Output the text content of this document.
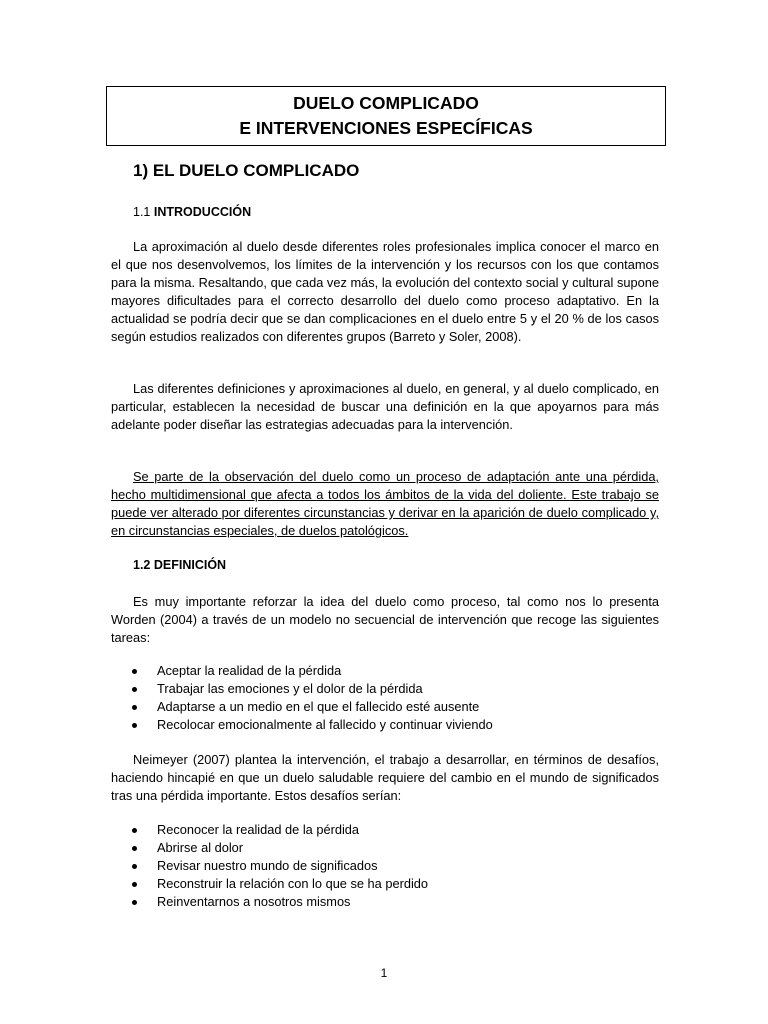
DUELO COMPLICADO
E INTERVENCIONES ESPECÍFICAS
1) EL DUELO COMPLICADO
1.1 INTRODUCCIÓN

La aproximación al duelo desde diferentes roles profesionales implica conocer el marco en el que nos desenvolvemos, los límites de la intervención y los recursos con los que contamos para la misma. Resaltando, que cada vez más, la evolución del contexto social y cultural supone mayores dificultades para el correcto desarrollo del duelo como proceso adaptativo. En la actualidad se podría decir que se dan complicaciones en el duelo entre 5 y el 20 % de los casos según estudios realizados con diferentes grupos (Barreto y Soler, 2008).

Las diferentes definiciones y aproximaciones al duelo, en general, y al duelo complicado, en particular, establecen la necesidad de buscar una definición en la que apoyarnos para más adelante poder diseñar las estrategias adecuadas para la intervención.

Se parte de la observación del duelo como un proceso de adaptación ante una pérdida, hecho multidimensional que afecta a todos los ámbitos de la vida del doliente. Este trabajo se puede ver alterado por diferentes circunstancias y derivar en la aparición de duelo complicado y, en circunstancias especiales, de duelos patológicos.

1.2 DEFINICIÓN

Es muy importante reforzar la idea del duelo como proceso, tal como nos lo presenta Worden (2004) a través de un modelo no secuencial de intervención que recoge las siguientes tareas:

Aceptar la realidad de la pérdida
Trabajar las emociones y el dolor de la pérdida
Adaptarse a un medio en el que el fallecido esté ausente
Recolocar emocionalmente al fallecido y continuar viviendo

Neimeyer (2007) plantea la intervención, el trabajo a desarrollar, en términos de desafíos, haciendo hincapié en que un duelo saludable requiere del cambio en el mundo de significados tras una pérdida importante. Estos desafíos serían:

Reconocer la realidad de la pérdida
Abrirse al dolor
Revisar nuestro mundo de significados
Reconstruir la relación con lo que se ha perdido
Reinventarnos a nosotros mismos
1
